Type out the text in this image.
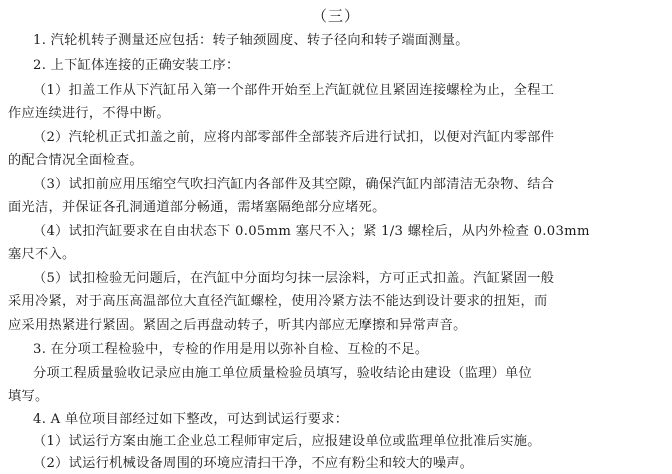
（三）
1. 汽轮机转子测量还应包括：转子轴颈圆度、转子径向和转子端面测量。
2. 上下缸体连接的正确安装工序：
（1）扣盖工作从下汽缸吊入第一个部件开始至上汽缸就位且紧固连接螺栓为止，全程工
作应连续进行，不得中断。
（2）汽轮机正式扣盖之前，应将内部零部件全部装齐后进行试扣，以便对汽缸内零部件
的配合情况全面检查。
（3）试扣前应用压缩空气吹扫汽缸内各部件及其空隙，确保汽缸内部清洁无杂物、结合
面光洁，并保证各孔洞通道部分畅通，需堵塞隔绝部分应堵死。
（4）试扣汽缸要求在自由状态下 0.05mm 塞尺不入；紧 1/3 螺栓后，从内外检查 0.03mm
塞尺不入。
（5）试扣检验无问题后，在汽缸中分面均匀抹一层涂料，方可正式扣盖。汽缸紧固一般
采用冷紧，对于高压高温部位大直径汽缸螺栓，使用冷紧方法不能达到设计要求的扭矩，而
应采用热紧进行紧固。紧固之后再盘动转子，听其内部应无摩擦和异常声音。
3. 在分项工程检验中，专检的作用是用以弥补自检、互检的不足。
分项工程质量验收记录应由施工单位质量检验员填写，验收结论由建设（监理）单位
填写。
4. A 单位项目部经过如下整改，可达到试运行要求：
（1）试运行方案由施工企业总工程师审定后，应报建设单位或监理单位批准后实施。
（2）试运行机械设备周围的环境应清扫干净，不应有粉尘和较大的噪声。
